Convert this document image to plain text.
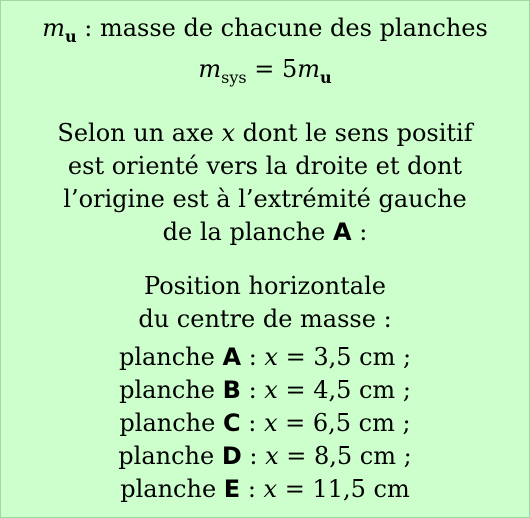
$m_u$ : masse de chacune des planches

$m_{sys} = 5m_u$

Selon un axe x dont le sens positif

est orienté vers la droite et dont

l’origine est à l’extrémité gauche

de la planche A :

Position horizontale

du centre de masse :

planche A : x = 3,5 cm ;

planche B : x = 4,5 cm ;

planche C : x = 6,5 cm ;

planche D : x = 8,5 cm ;

planche E : x = 11,5 cm
